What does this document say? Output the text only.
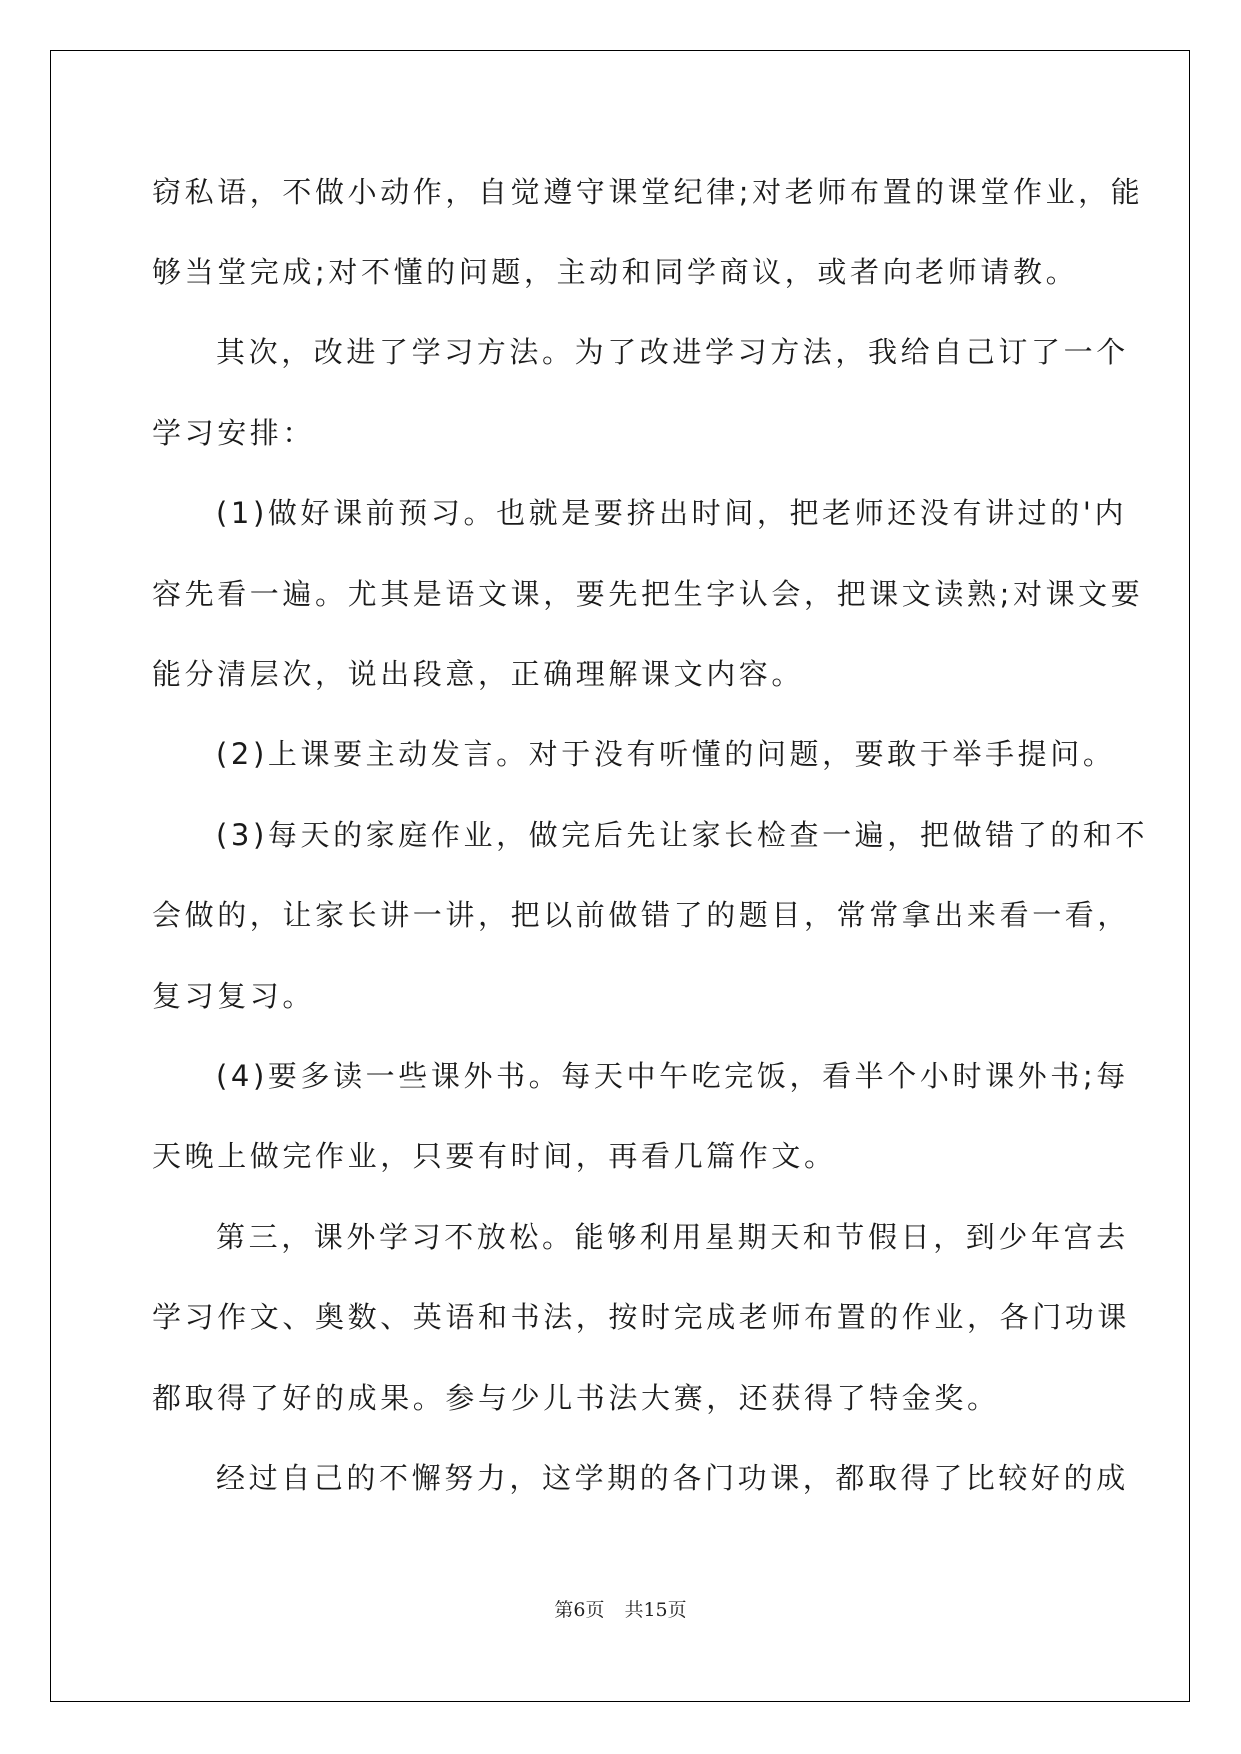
窃私语，不做小动作，自觉遵守课堂纪律;对老师布置的课堂作业，能
够当堂完成;对不懂的问题，主动和同学商议，或者向老师请教。
其次，改进了学习方法。为了改进学习方法，我给自己订了一个
学习安排：
(1)做好课前预习。也就是要挤出时间，把老师还没有讲过的'内
容先看一遍。尤其是语文课，要先把生字认会，把课文读熟;对课文要
能分清层次，说出段意，正确理解课文内容。
(2)上课要主动发言。对于没有听懂的问题，要敢于举手提问。
(3)每天的家庭作业，做完后先让家长检查一遍，把做错了的和不
会做的，让家长讲一讲，把以前做错了的题目，常常拿出来看一看，
复习复习。
(4)要多读一些课外书。每天中午吃完饭，看半个小时课外书;每
天晚上做完作业，只要有时间，再看几篇作文。
第三，课外学习不放松。能够利用星期天和节假日，到少年宫去
学习作文、奥数、英语和书法，按时完成老师布置的作业，各门功课
都取得了好的成果。参与少儿书法大赛，还获得了特金奖。
经过自己的不懈努力，这学期的各门功课，都取得了比较好的成
第6页 共15页
